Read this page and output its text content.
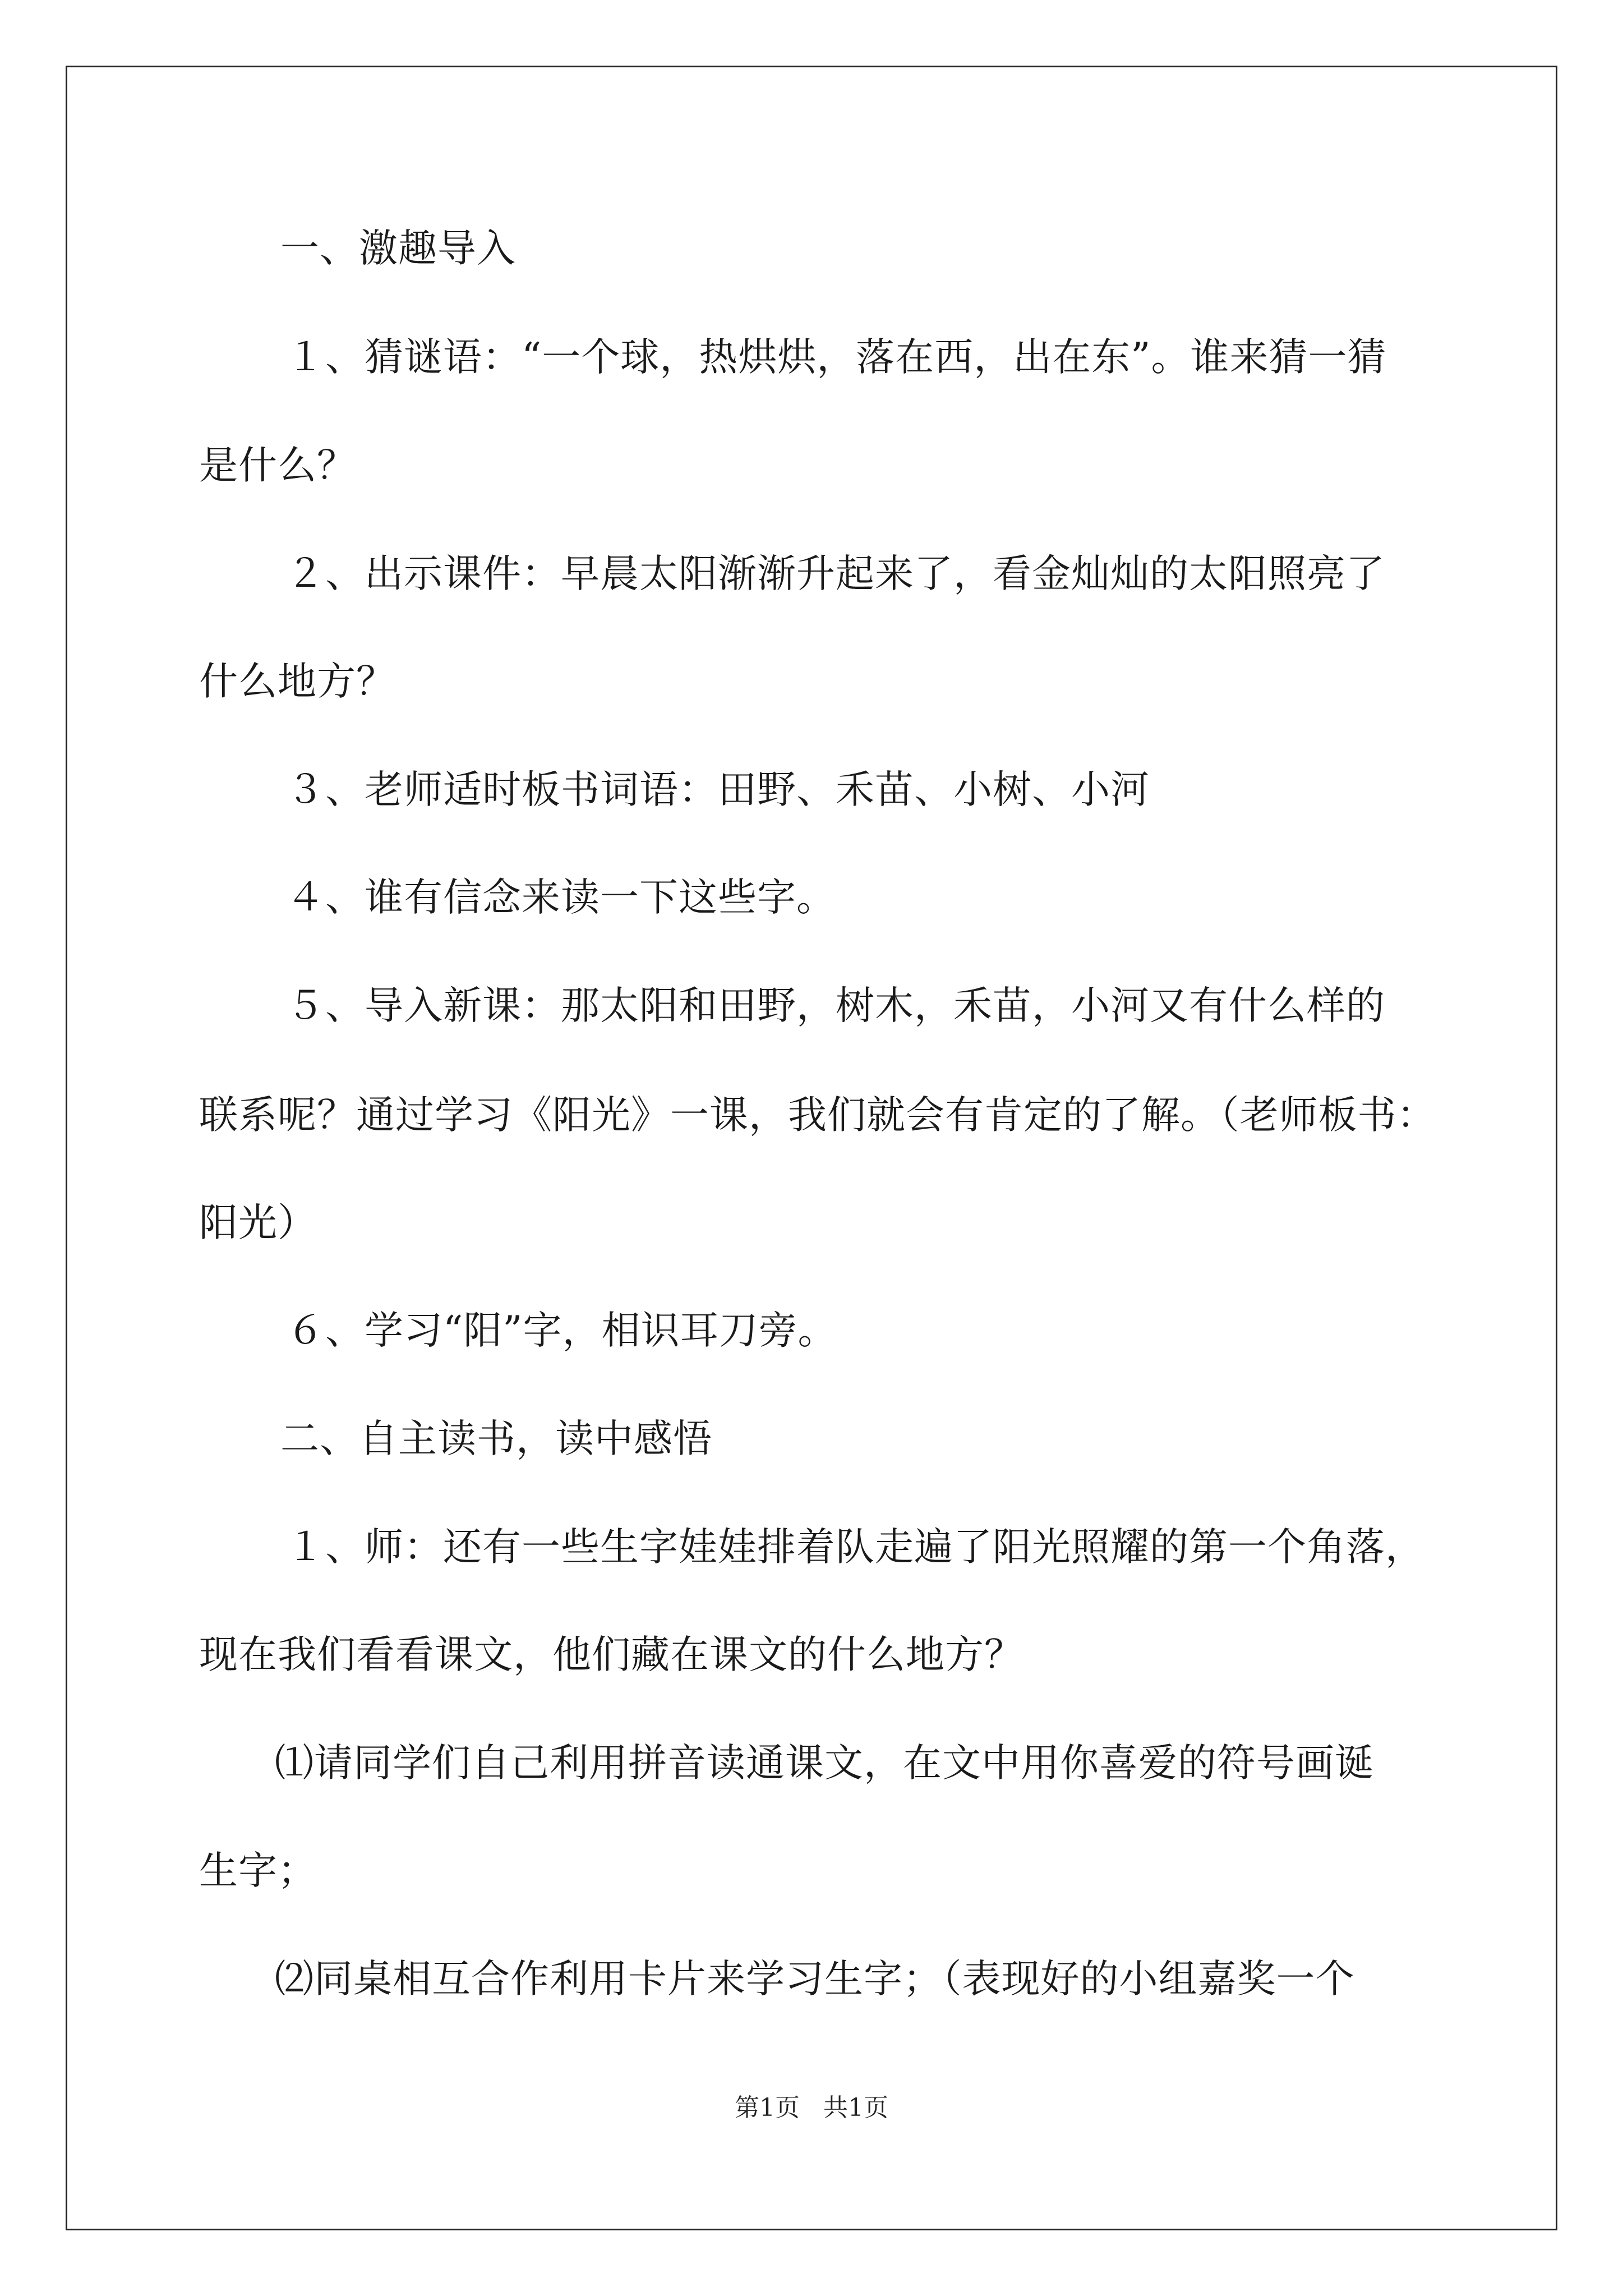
一、激趣导入
１、猜谜语：“一个球，热烘烘，落在西，出在东”。谁来猜一猜
是什么？
２、出示课件：早晨太阳渐渐升起来了，看金灿灿的太阳照亮了
什么地方？
３、老师适时板书词语：田野、禾苗、小树、小河
４、谁有信念来读一下这些字。
５、导入新课：那太阳和田野，树木，禾苗，小河又有什么样的
联系呢？通过学习《阳光》一课，我们就会有肯定的了解。（老师板书：
阳光）
６、学习“阳”字，相识耳刀旁。
二、自主读书，读中感悟
１、师：还有一些生字娃娃排着队走遍了阳光照耀的第一个角落，
现在我们看看课文，他们藏在课文的什么地方？
⑴请同学们自己利用拼音读通课文，在文中用你喜爱的符号画诞
生字；
⑵同桌相互合作利用卡片来学习生字；（表现好的小组嘉奖一个
第1页 共1页
